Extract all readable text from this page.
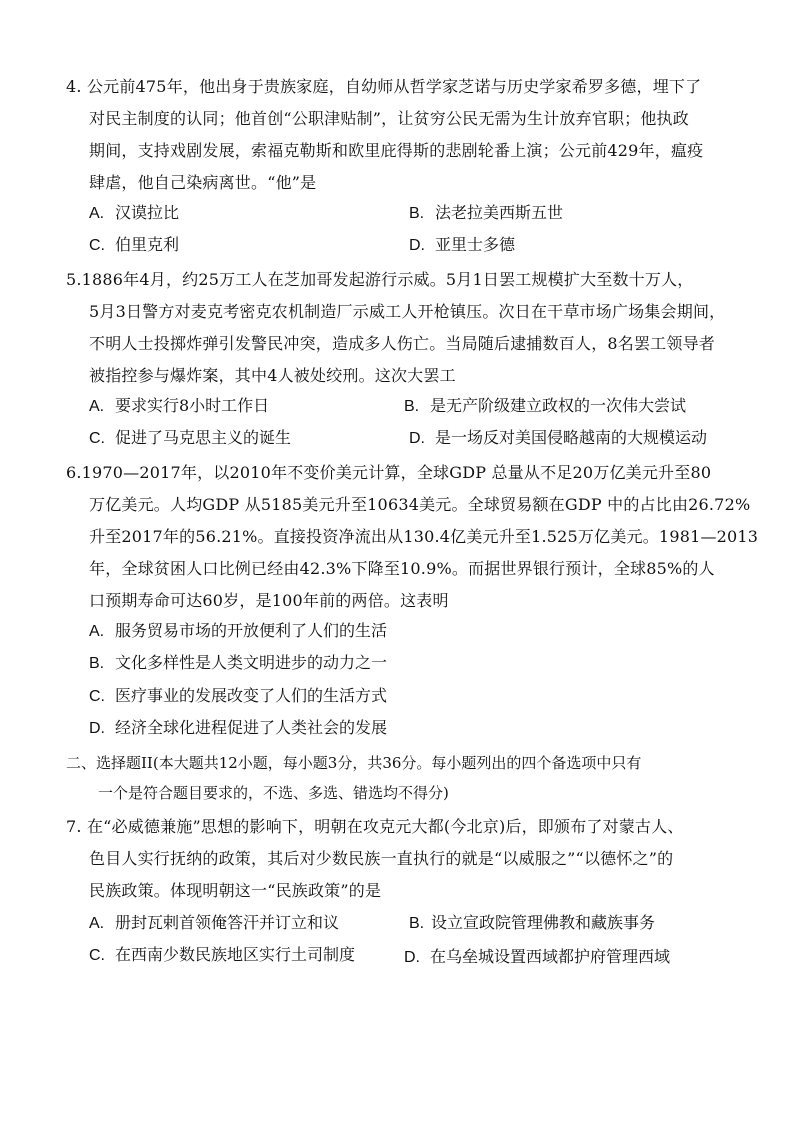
4. 公元前475年，他出身于贵族家庭，自幼师从哲学家芝诺与历史学家希罗多德，埋下了
对民主制度的认同；他首创“公职津贴制”，让贫穷公民无需为生计放弃官职；他执政
期间，支持戏剧发展，索福克勒斯和欧里庇得斯的悲剧轮番上演；公元前429年，瘟疫
肆虐，他自己染病离世。“他”是
A. 汉谟拉比	B. 法老拉美西斯五世
C. 伯里克利	D. 亚里士多德
5.1886年4月，约25万工人在芝加哥发起游行示威。5月1日罢工规模扩大至数十万人，
5月3日警方对麦克考密克农机制造厂示威工人开枪镇压。次日在干草市场广场集会期间，
不明人士投掷炸弹引发警民冲突，造成多人伤亡。当局随后逮捕数百人，8名罢工领导者
被指控参与爆炸案，其中4人被处绞刑。这次大罢工
A. 要求实行8小时工作日	B. 是无产阶级建立政权的一次伟大尝试
C. 促进了马克思主义的诞生	D. 是一场反对美国侵略越南的大规模运动
6.1970—2017年，以2010年不变价美元计算，全球GDP 总量从不足20万亿美元升至80
万亿美元。人均GDP 从5185美元升至10634美元。全球贸易额在GDP 中的占比由26.72%
升至2017年的56.21%。直接投资净流出从130.4亿美元升至1.525万亿美元。1981—2013
年，全球贫困人口比例已经由42.3%下降至10.9%。而据世界银行预计，全球85%的人
口预期寿命可达60岁，是100年前的两倍。这表明
A. 服务贸易市场的开放便利了人们的生活
B. 文化多样性是人类文明进步的动力之一
C. 医疗事业的发展改变了人们的生活方式
D. 经济全球化进程促进了人类社会的发展
二、选择题II(本大题共12小题，每小题3分，共36分。每小题列出的四个备选项中只有
一个是符合题目要求的，不选、多选、错选均不得分)
7. 在“必威德兼施”思想的影响下，明朝在攻克元大都(今北京)后，即颁布了对蒙古人、
色目人实行抚纳的政策，其后对少数民族一直执行的就是“以威服之”“以德怀之”的
民族政策。体现明朝这一“民族政策”的是
A. 册封瓦剌首领俺答汗并订立和议	B. 设立宣政院管理佛教和藏族事务
C. 在西南少数民族地区实行土司制度	D. 在乌垒城设置西域都护府管理西域
